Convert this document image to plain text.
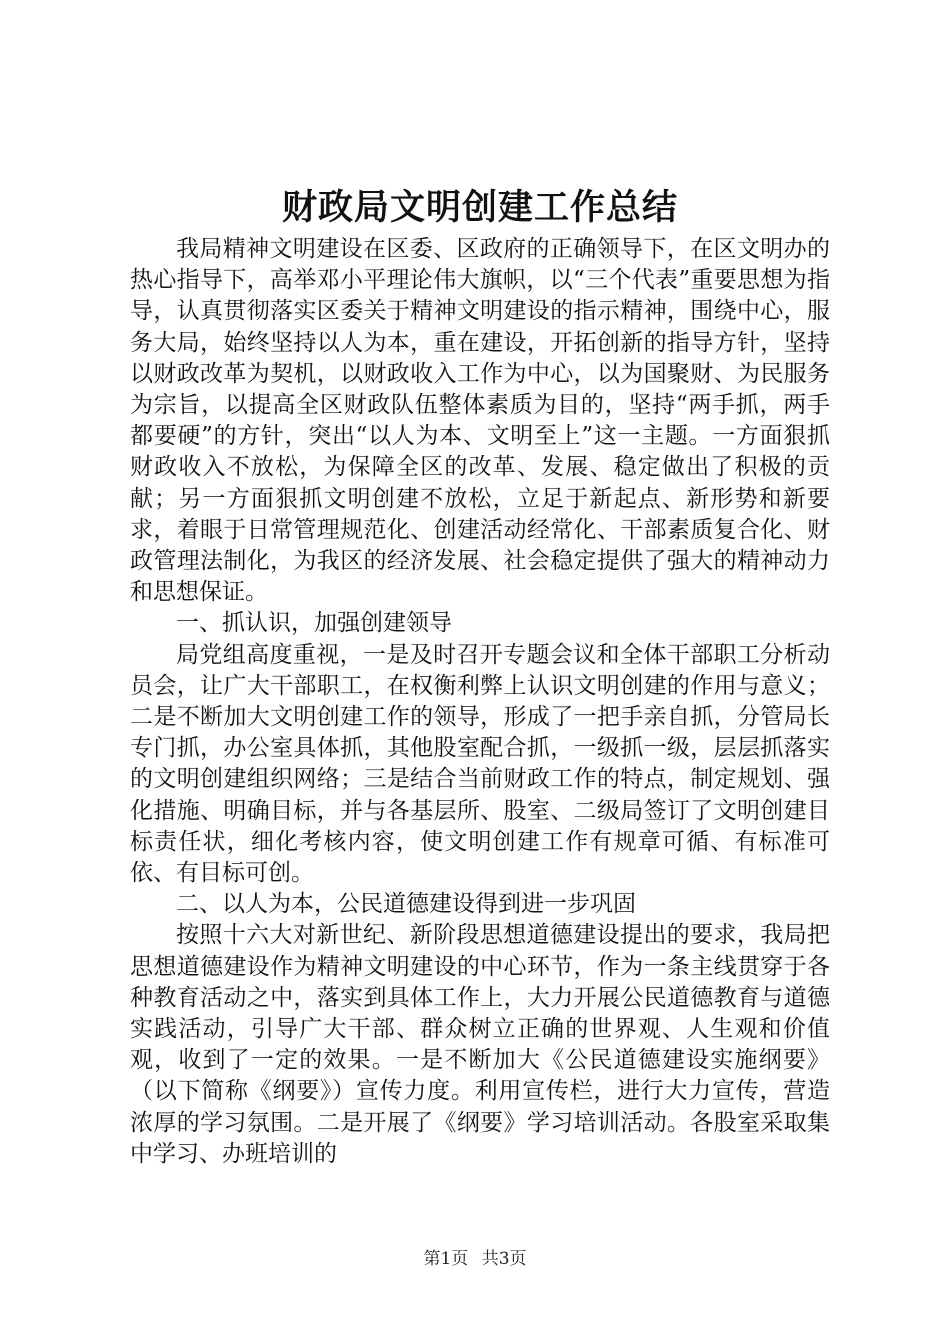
财政局文明创建工作总结

我局精神文明建设在区委、区政府的正确领导下，在区文明办的热心指导下，高举邓小平理论伟大旗帜，以“三个代表”重要思想为指导，认真贯彻落实区委关于精神文明建设的指示精神，围绕中心，服务大局，始终坚持以人为本，重在建设，开拓创新的指导方针，坚持以财政改革为契机，以财政收入工作为中心，以为国聚财、为民服务为宗旨，以提高全区财政队伍整体素质为目的，坚持“两手抓，两手都要硬”的方针，突出“以人为本、文明至上”这一主题。一方面狠抓财政收入不放松，为保障全区的改革、发展、稳定做出了积极的贡献；另一方面狠抓文明创建不放松，立足于新起点、新形势和新要求，着眼于日常管理规范化、创建活动经常化、干部素质复合化、财政管理法制化，为我区的经济发展、社会稳定提供了强大的精神动力和思想保证。

一、抓认识，加强创建领导

局党组高度重视，一是及时召开专题会议和全体干部职工分析动员会，让广大干部职工，在权衡利弊上认识文明创建的作用与意义；二是不断加大文明创建工作的领导，形成了一把手亲自抓，分管局长专门抓，办公室具体抓，其他股室配合抓，一级抓一级，层层抓落实的文明创建组织网络；三是结合当前财政工作的特点，制定规划、强化措施、明确目标，并与各基层所、股室、二级局签订了文明创建目标责任状，细化考核内容，使文明创建工作有规章可循、有标准可依、有目标可创。

二、以人为本，公民道德建设得到进一步巩固

按照十六大对新世纪、新阶段思想道德建设提出的要求，我局把思想道德建设作为精神文明建设的中心环节，作为一条主线贯穿于各种教育活动之中，落实到具体工作上，大力开展公民道德教育与道德实践活动，引导广大干部、群众树立正确的世界观、人生观和价值观，收到了一定的效果。一是不断加大《公民道德建设实施纲要》（以下简称《纲要》）宣传力度。利用宣传栏，进行大力宣传，营造浓厚的学习氛围。二是开展了《纲要》学习培训活动。各股室采取集中学习、办班培训的

第1页 共3页
